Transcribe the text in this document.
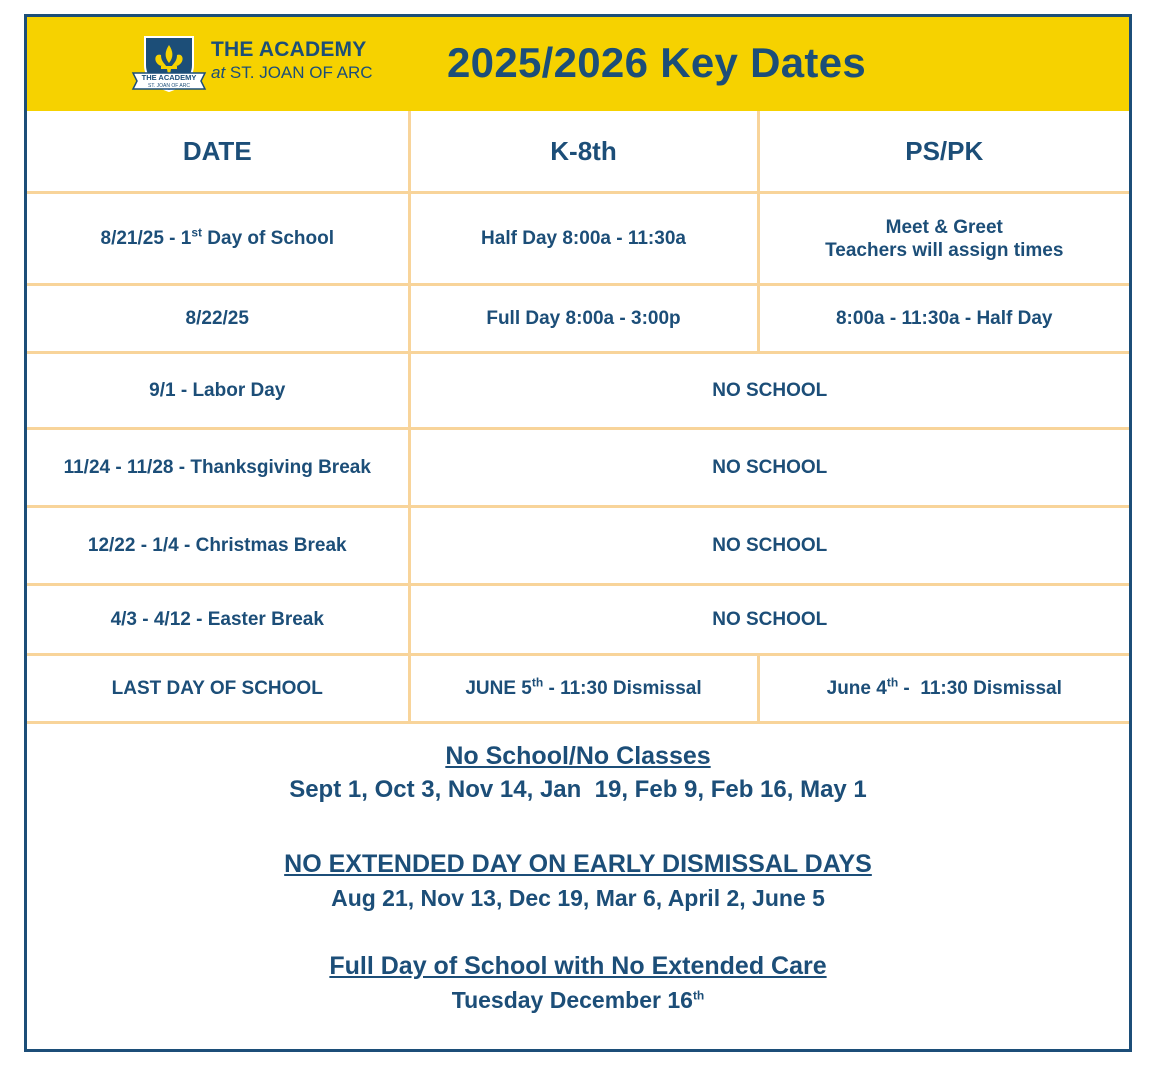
THE ACADEMY
ST. JOAN OF ARC
THE ACADEMY
at ST. JOAN OF ARC 2025/2026 Key Dates
DATE	K-8th	PS/PK
8/21/25 - 1st Day of School	Half Day 8:00a - 11:30a	Meet & Greet
Teachers will assign times

8/22/25	Full Day 8:00a - 3:00p	8:00a - 11:30a - Half Day
9/1 - Labor Day	NO SCHOOL	
11/24 - 11/28 - Thanksgiving Break	NO SCHOOL	
12/22 - 1/4 - Christmas Break	NO SCHOOL	
4/3 - 4/12 - Easter Break	NO SCHOOL	
LAST DAY OF SCHOOL	JUNE 5th - 11:30 Dismissal	June 4th -  11:30 Dismissal
No School/No Classes
Sept 1, Oct 3, Nov 14, Jan  19, Feb 9, Feb 16, May 1
NO EXTENDED DAY ON EARLY DISMISSAL DAYS
Aug 21, Nov 13, Dec 19, Mar 6, April 2, June 5
Full Day of School with No Extended Care
Tuesday December 16th
